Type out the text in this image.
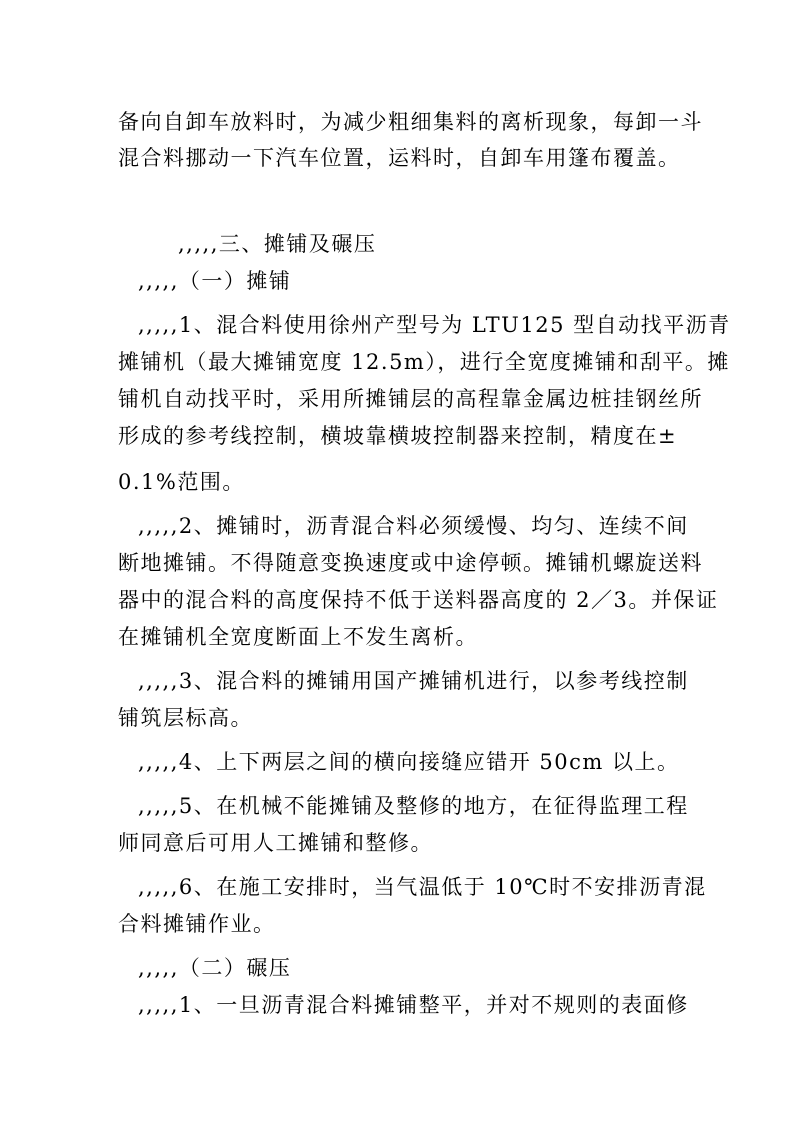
备向自卸车放料时，为减少粗细集料的离析现象，每卸一斗
混合料挪动一下汽车位置，运料时，自卸车用篷布覆盖。
,,,,,三、摊铺及碾压
,,,,,（一）摊铺
,,,,,1、混合料使用徐州产型号为 LTU125 型自动找平沥青
摊铺机（最大摊铺宽度 12.5m），进行全宽度摊铺和刮平。摊
铺机自动找平时，采用所摊铺层的高程靠金属边桩挂钢丝所
形成的参考线控制，横坡靠横坡控制器来控制，精度在±
0.1%范围。
,,,,,2、摊铺时，沥青混合料必须缓慢、均匀、连续不间
断地摊铺。不得随意变换速度或中途停顿。摊铺机螺旋送料
器中的混合料的高度保持不低于送料器高度的 2／3。并保证
在摊铺机全宽度断面上不发生离析。
,,,,,3、混合料的摊铺用国产摊铺机进行，以参考线控制
铺筑层标高。
,,,,,4、上下两层之间的横向接缝应错开 50cm 以上。
,,,,,5、在机械不能摊铺及整修的地方，在征得监理工程
师同意后可用人工摊铺和整修。
,,,,,6、在施工安排时，当气温低于 10℃时不安排沥青混
合料摊铺作业。
,,,,,（二）碾压
,,,,,1、一旦沥青混合料摊铺整平，并对不规则的表面修
